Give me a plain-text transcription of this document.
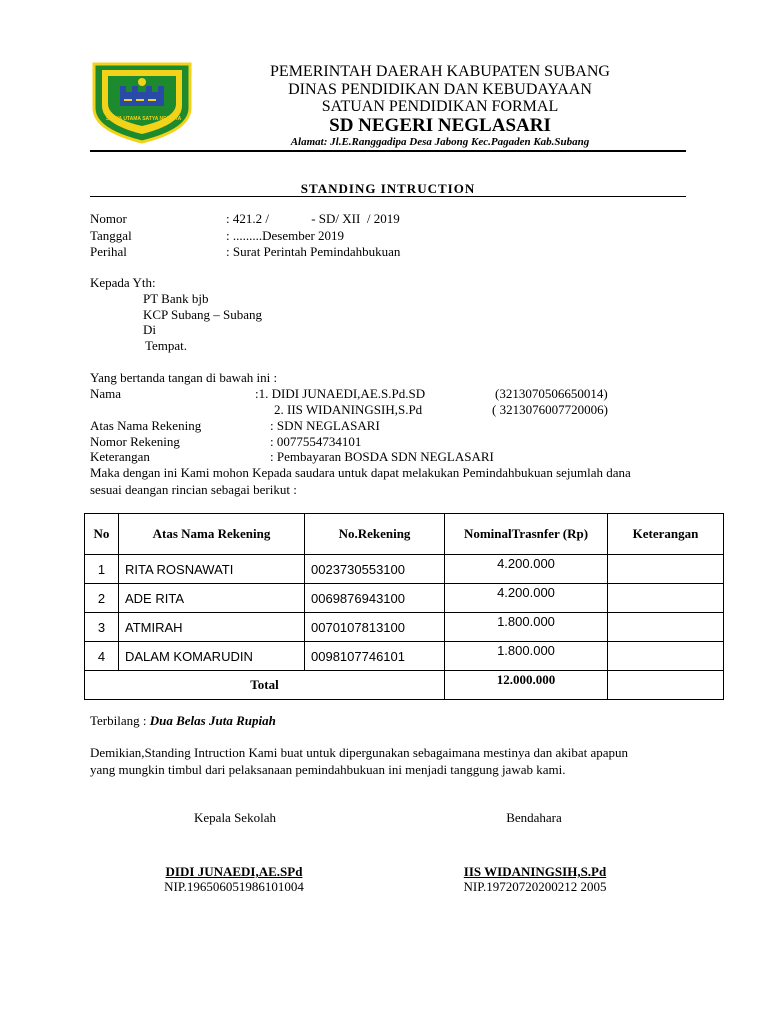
BENTENG PANCASILA
SATYA UTAMA SATYA NEGARA
PEMERINTAH DAERAH KABUPATEN SUBANG
DINAS PENDIDIKAN DAN KEBUDAYAAN
SATUAN PENDIDIKAN FORMAL
SD NEGERI NEGLASARI
Alamat: Jl.E.Ranggadipa Desa Jabong Kec.Pagaden Kab.Subang
STANDING INTRUCTION
Nomor	: 421.2 /             - SD/ XII  / 2019
Tanggal	: .........Desember 2019
Perihal	: Surat Perintah Pemindahbukuan
Kepada Yth:
PT Bank bjb
KCP Subang – Subang
Di
Tempat.
Yang bertanda tangan di bawah ini :
Nama	:1. DIDI JUNAEDI,AE.S.Pd.SD	(3213070506650014)
2. IIS WIDANINGSIH,S.Pd	( 3213076007720006)
Atas Nama Rekening	: SDN NEGLASARI
Nomor Rekening	: 0077554734101
Keterangan	: Pembayaran BOSDA SDN NEGLASARI
Maka dengan ini Kami mohon Kepada saudara untuk dapat melakukan Pemindahbukuan sejumlah dana
sesuai deangan rincian sebagai berikut :
No	Atas Nama Rekening	No.Rekening	NominalTrasnfer (Rp)	Keterangan
1	RITA ROSNAWATI	0023730553100	4.200.000	
2	ADE RITA	0069876943100	4.200.000	
3	ATMIRAH	0070107813100	1.800.000	
4	DALAM KOMARUDIN	0098107746101	1.800.000	
Total			12.000.000	
Terbilang : Dua Belas Juta Rupiah
Demikian,Standing Intruction Kami buat untuk dipergunakan sebagaimana mestinya dan akibat apapun
yang mungkin timbul dari pelaksanaan pemindahbukuan ini menjadi tanggung jawab kami.
Kepala Sekolah	Bendahara
DIDI JUNAEDI,AE.SPd
NIP.196506051986101004
IIS WIDANINGSIH,S.Pd
NIP.19720720200212 2005
